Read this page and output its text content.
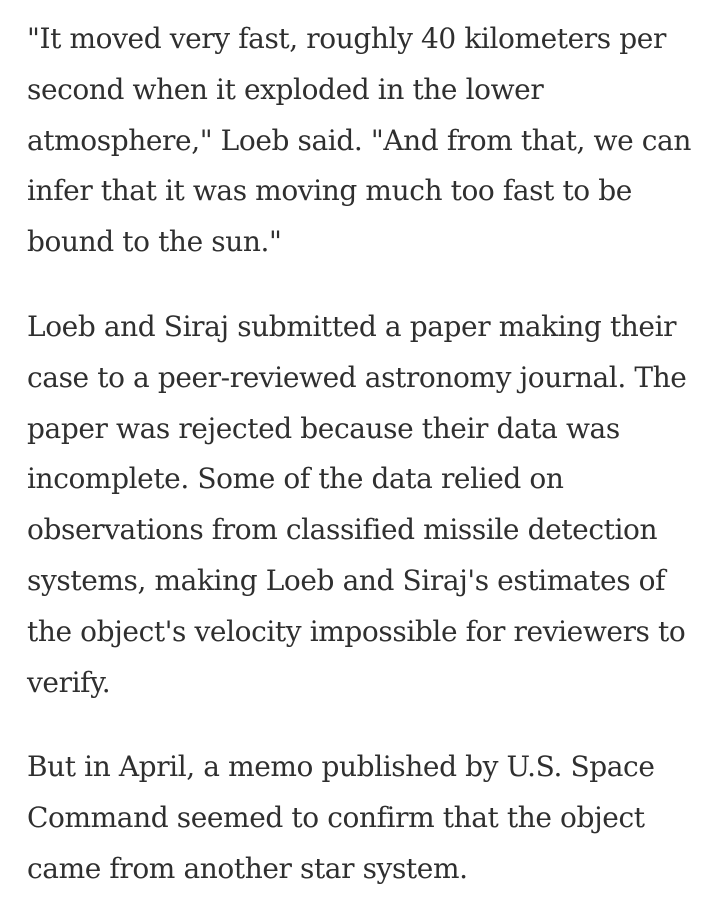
"It moved very fast, roughly 40 kilometers per second when it exploded in the lower atmosphere," Loeb said. "And from that, we can infer that it was moving much too fast to be bound to the sun."

Loeb and Siraj submitted a paper making their case to a peer-reviewed astronomy journal. The paper was rejected because their data was incomplete. Some of the data relied on observations from classified missile detection systems, making Loeb and Siraj's estimates of the object's velocity impossible for reviewers to verify.

But in April, a memo published by U.S. Space Command seemed to confirm that the object came from another star system.
